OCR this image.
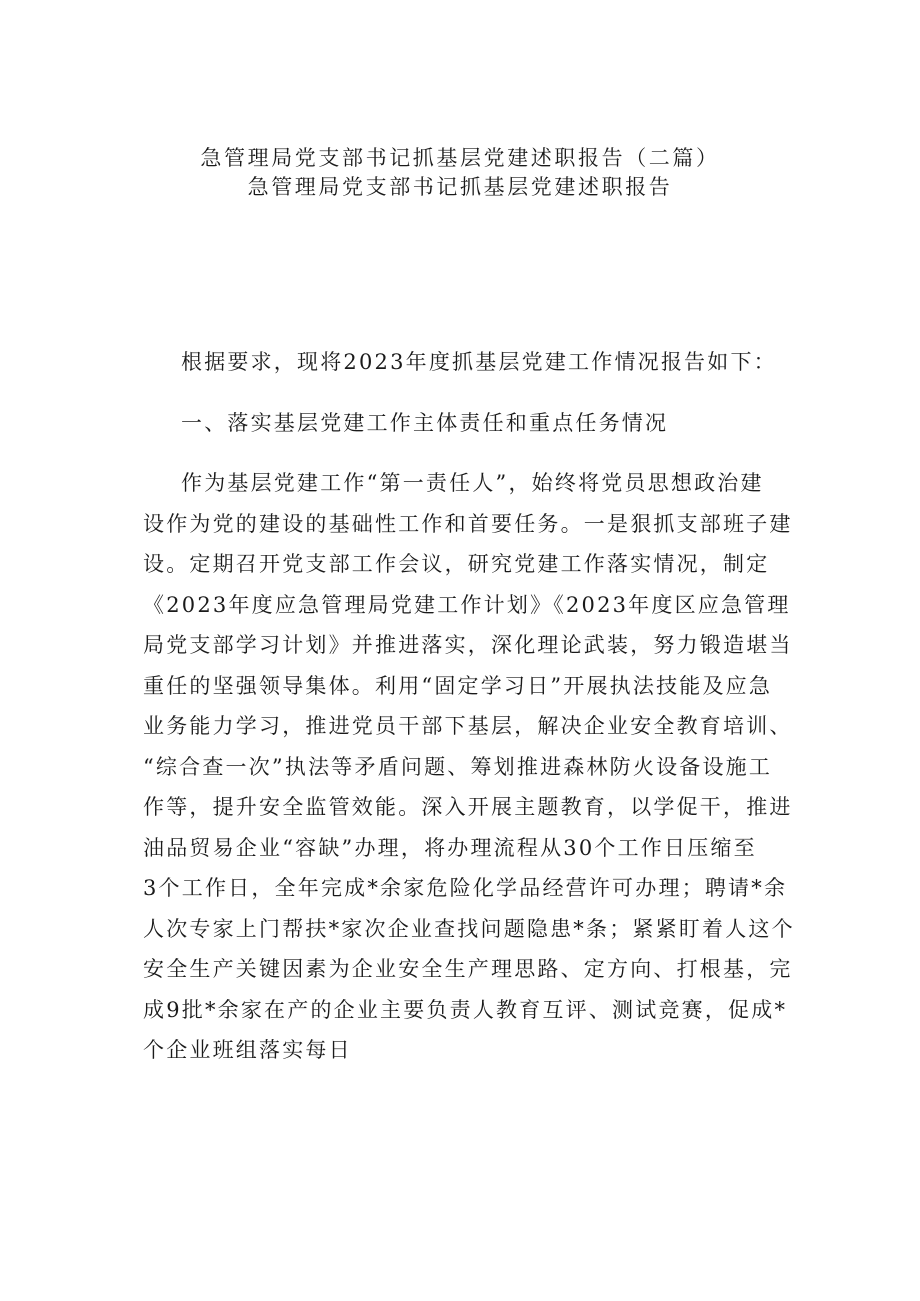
急管理局党支部书记抓基层党建述职报告（二篇）
急管理局党支部书记抓基层党建述职报告

根据要求，现将2023年度抓基层党建工作情况报告如下：

一、落实基层党建工作主体责任和重点任务情况

作为基层党建工作“第一责任人”，始终将党员思想政治建
设作为党的建设的基础性工作和首要任务。一是狠抓支部班子建
设。定期召开党支部工作会议，研究党建工作落实情况，制定
《2023年度应急管理局党建工作计划》《2023年度区应急管理
局党支部学习计划》并推进落实，深化理论武装，努力锻造堪当
重任的坚强领导集体。利用“固定学习日”开展执法技能及应急
业务能力学习，推进党员干部下基层，解决企业安全教育培训、
“综合查一次”执法等矛盾问题、筹划推进森林防火设备设施工
作等，提升安全监管效能。深入开展主题教育，以学促干，推进
油品贸易企业“容缺”办理，将办理流程从30个工作日压缩至
3个工作日，全年完成*余家危险化学品经营许可办理；聘请*余
人次专家上门帮扶*家次企业查找问题隐患*条；紧紧盯着人这个
安全生产关键因素为企业安全生产理思路、定方向、打根基，完
成9批*余家在产的企业主要负责人教育互评、测试竞赛，促成*
个企业班组落实每日
